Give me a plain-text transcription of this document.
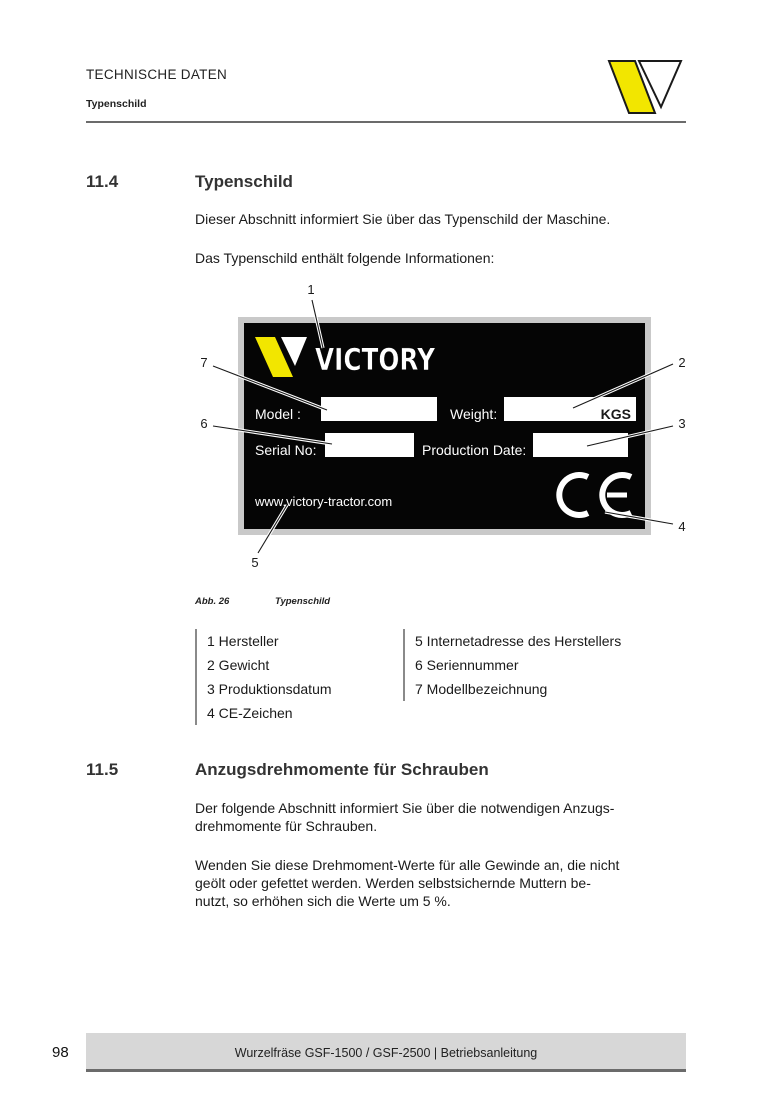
TECHNISCHE DATEN
Typenschild
11.4	Typenschild
Dieser Abschnitt informiert Sie über das Typenschild der Maschine.
Das Typenschild enthält folgende Informationen:
VICTORY
Model :	Weight:	KGS
Serial No:	Production Date:
www.victory-tractor.com
1
2
3
4
5
6
7
Abb. 26	Typenschild
1 Hersteller
2 Gewicht
3 Produktionsdatum
4 CE-Zeichen
5 Internetadresse des Herstellers
6 Seriennummer
7 Modellbezeichnung
11.5	Anzugsdrehmomente für Schrauben
Der folgende Abschnitt informiert Sie über die notwendigen Anzugs-
drehmomente für Schrauben.
Wenden Sie diese Drehmoment-Werte für alle Gewinde an, die nicht
geölt oder gefettet werden. Werden selbstsichernde Muttern be-
nutzt, so erhöhen sich die Werte um 5 %.
98	Wurzelfräse GSF-1500 / GSF-2500 | Betriebsanleitung
